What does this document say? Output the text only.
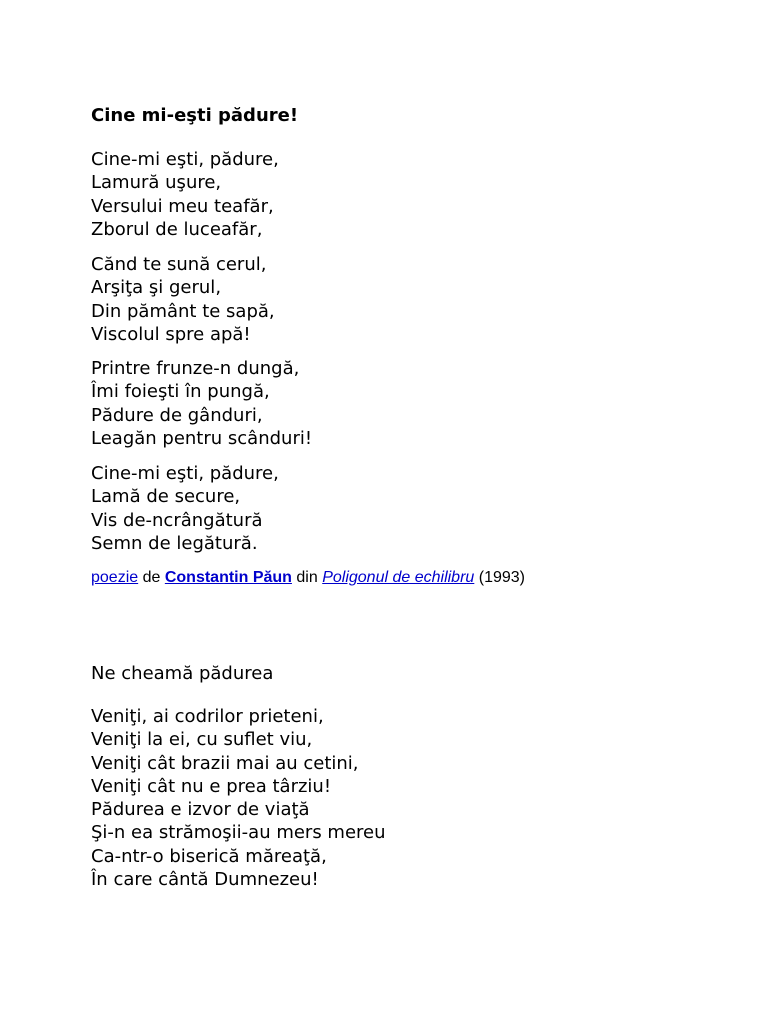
Cine mi-eşti pădure!
Cine-mi eşti, pădure,
Lamură uşure,
Versului meu teafăr,
Zborul de luceafăr,
Cănd te sună cerul,
Arşiţa şi gerul,
Din pământ te sapă,
Viscolul spre apă!
Printre frunze-n dungă,
Îmi foieşti în pungă,
Pădure de gânduri,
Leagăn pentru scânduri!
Cine-mi eşti, pădure,
Lamă de secure,
Vis de-ncrângătură
Semn de legătură.
poezie de Constantin Păun din Poligonul de echilibru (1993)
Ne cheamă pădurea
Veniţi, ai codrilor prieteni,
Veniţi la ei, cu suflet viu,
Veniţi cât brazii mai au cetini,
Veniţi cât nu e prea târziu!
Pădurea e izvor de viaţă
Şi-n ea strămoşii-au mers mereu
Ca-ntr-o biserică măreaţă,
În care cântă Dumnezeu!
